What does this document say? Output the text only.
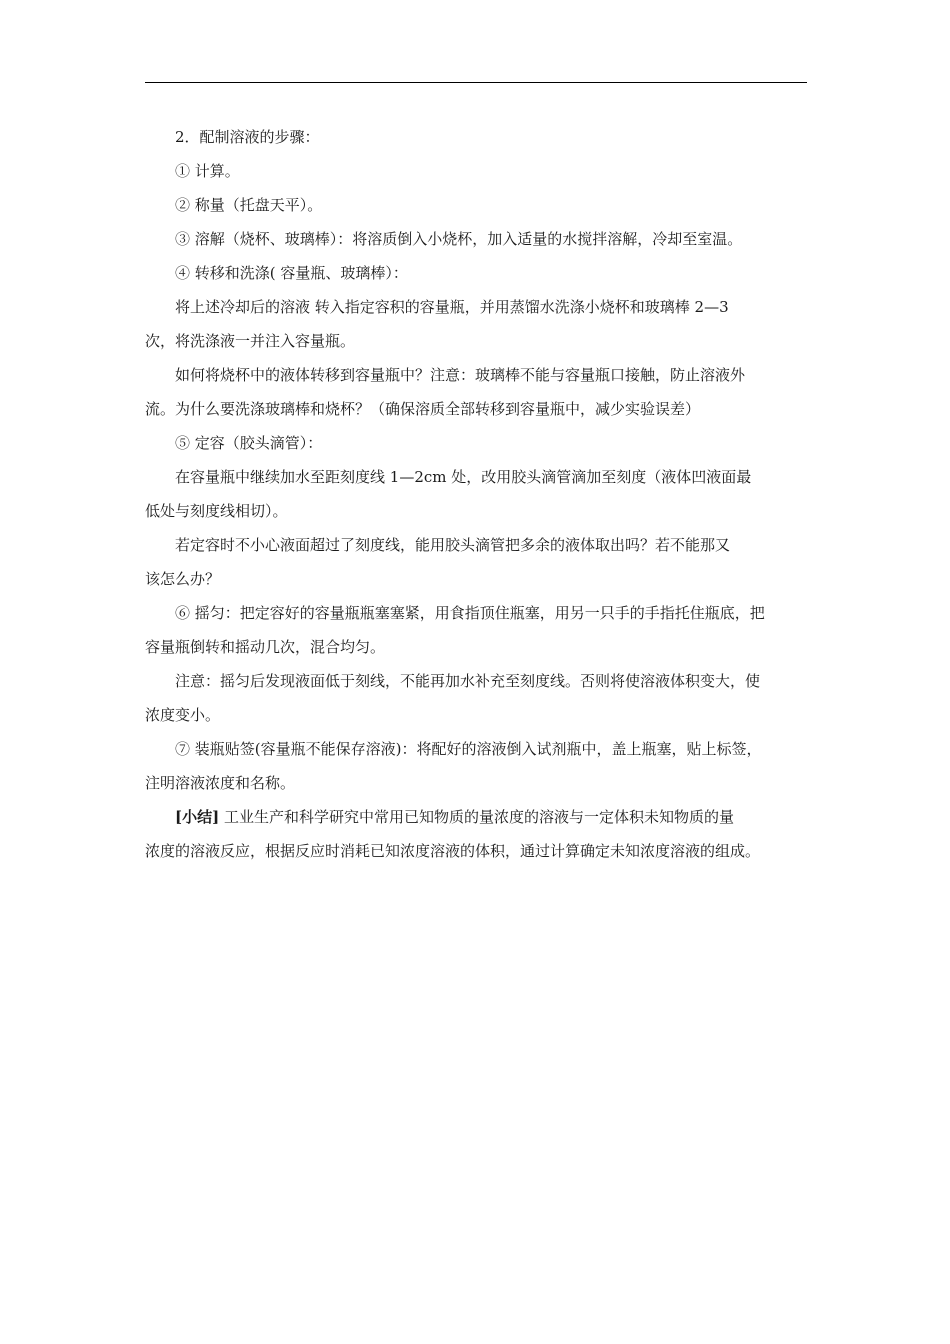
2．配制溶液的步骤：
① 计算。
② 称量（托盘天平）。
③ 溶解（烧杯、玻璃棒）：将溶质倒入小烧杯，加入适量的水搅拌溶解，冷却至室温。
④ 转移和洗涤( 容量瓶、玻璃棒）：
将上述冷却后的溶液 转入指定容积的容量瓶，并用蒸馏水洗涤小烧杯和玻璃棒 2—3
次，将洗涤液一并注入容量瓶。
如何将烧杯中的液体转移到容量瓶中？注意：玻璃棒不能与容量瓶口接触，防止溶液外
流。为什么要洗涤玻璃棒和烧杯？（确保溶质全部转移到容量瓶中，减少实验误差）
⑤ 定容（胶头滴管）：
在容量瓶中继续加水至距刻度线 1—2cm 处，改用胶头滴管滴加至刻度（液体凹液面最
低处与刻度线相切）。
若定容时不小心液面超过了刻度线，能用胶头滴管把多余的液体取出吗？若不能那又
该怎么办？
⑥ 摇匀：把定容好的容量瓶瓶塞塞紧，用食指顶住瓶塞，用另一只手的手指托住瓶底，把
容量瓶倒转和摇动几次，混合均匀。
注意：摇匀后发现液面低于刻线，不能再加水补充至刻度线。否则将使溶液体积变大，使
浓度变小。
⑦ 装瓶贴签(容量瓶不能保存溶液)：将配好的溶液倒入试剂瓶中，盖上瓶塞，贴上标签，
注明溶液浓度和名称。
[小结] 工业生产和科学研究中常用已知物质的量浓度的溶液与一定体积未知物质的量
浓度的溶液反应，根据反应时消耗已知浓度溶液的体积，通过计算确定未知浓度溶液的组成。
